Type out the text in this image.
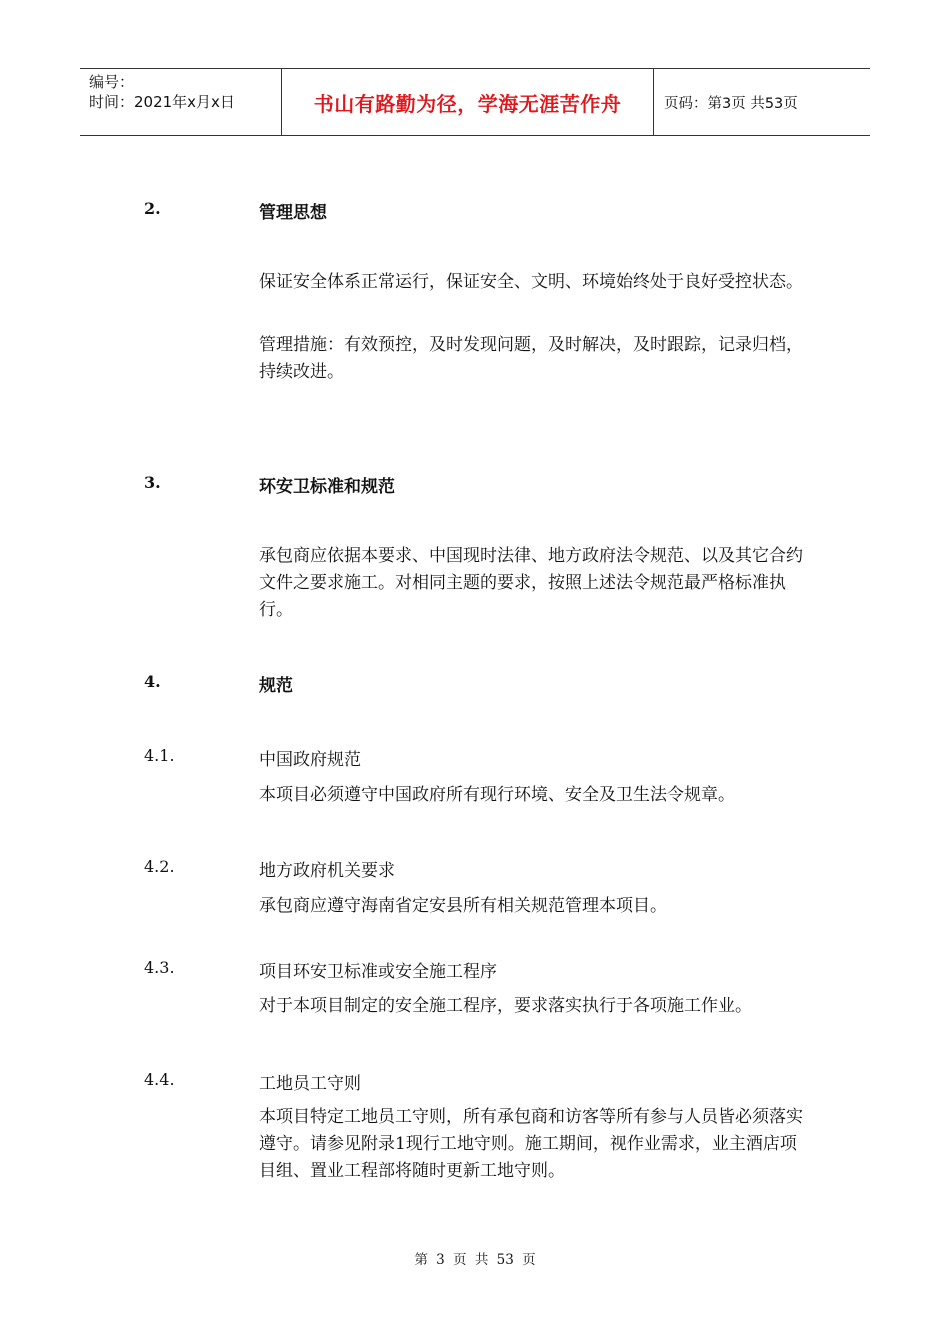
编号：
时间：2021年x月x日	书山有路勤为径，学海无涯苦作舟	页码：第3页 共53页
2.	管理思想
保证安全体系正常运行，保证安全、文明、环境始终处于良好受控状态。
管理措施：有效预控，及时发现问题，及时解决，及时跟踪，记录归档，持续改进。
3.	环安卫标准和规范
承包商应依据本要求、中国现时法律、地方政府法令规范、以及其它合约文件之要求施工。对相同主题的要求，按照上述法令规范最严格标准执行。
4.	规范
4.1.	中国政府规范
本项目必须遵守中国政府所有现行环境、安全及卫生法令规章。
4.2.	地方政府机关要求
承包商应遵守海南省定安县所有相关规范管理本项目。
4.3.	项目环安卫标准或安全施工程序
对于本项目制定的安全施工程序，要求落实执行于各项施工作业。
4.4.	工地员工守则
本项目特定工地员工守则，所有承包商和访客等所有参与人员皆必须落实遵守。请参见附录1现行工地守则。施工期间，视作业需求，业主酒店项目组、置业工程部将随时更新工地守则。
第 3 页 共 53 页
